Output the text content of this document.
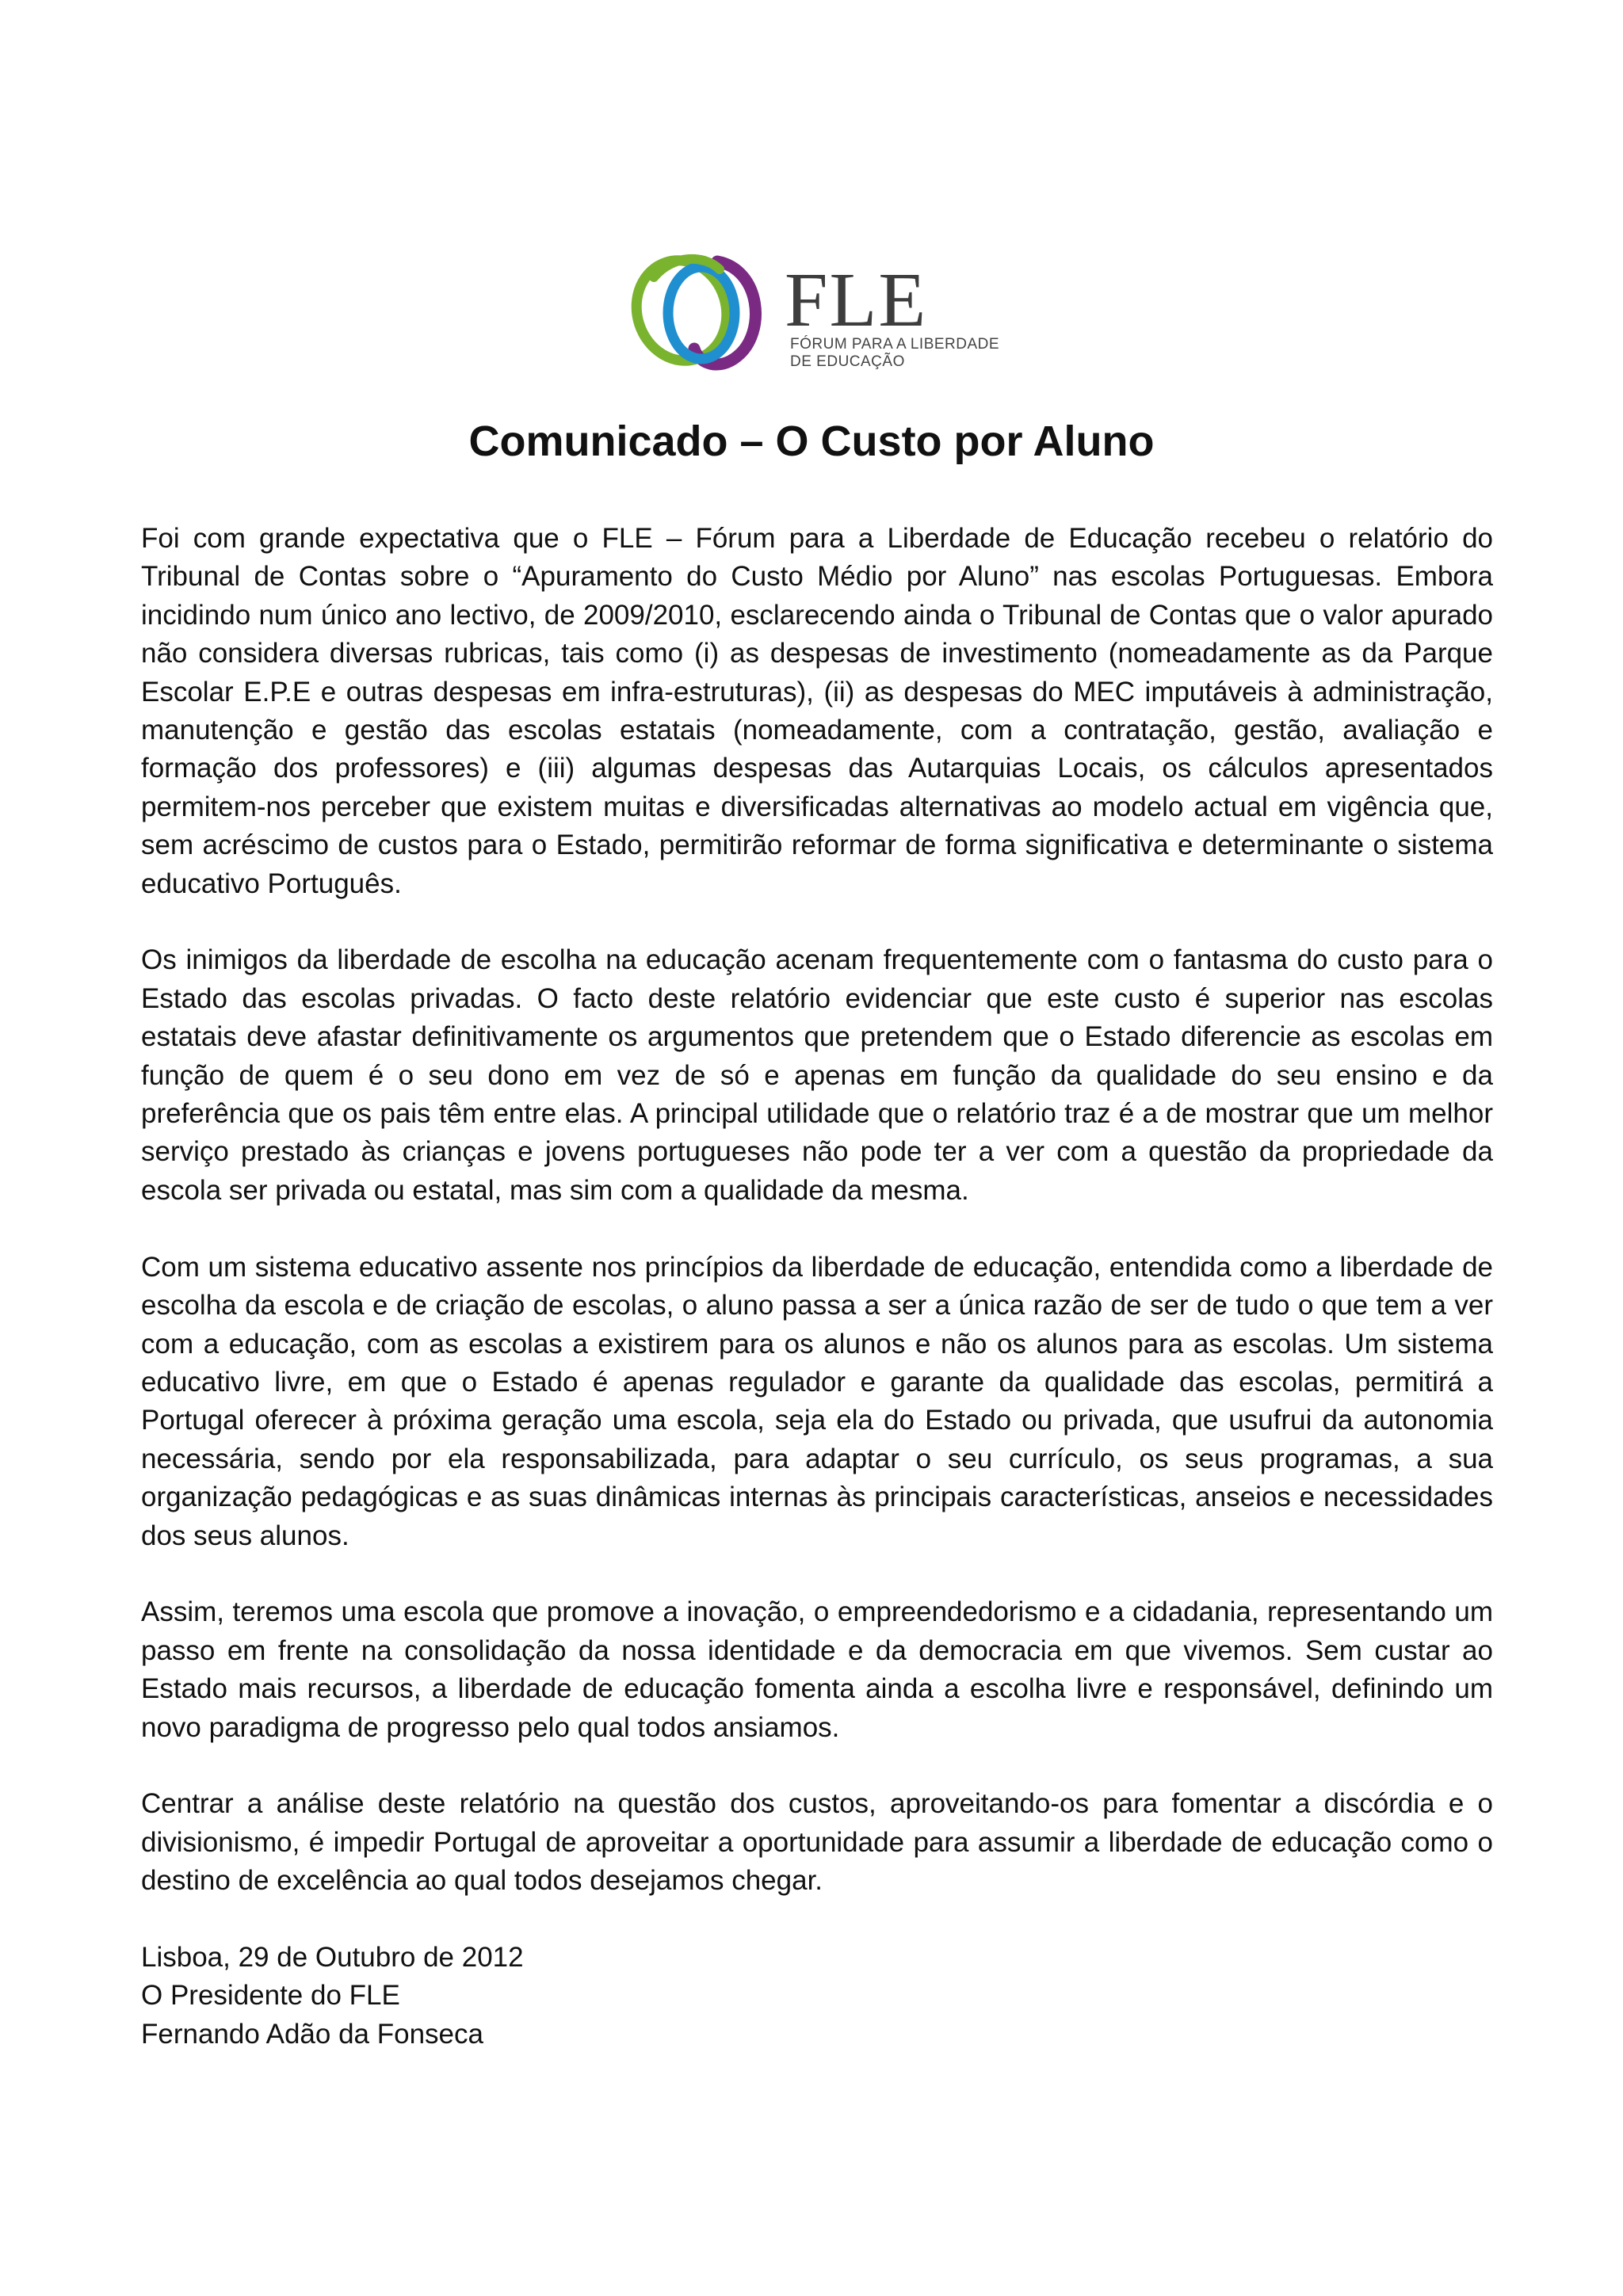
FLE
FÓRUM PARA A LIBERDADE
DE EDUCAÇÃO
Comunicado – O Custo por Aluno

Foi com grande expectativa que o FLE – Fórum para a Liberdade de Educação recebeu o relatório do Tribunal de Contas sobre o “Apuramento do Custo Médio por Aluno” nas escolas Portuguesas. Embora incidindo num único ano lectivo, de 2009/2010, esclarecendo ainda o Tribunal de Contas que o valor apurado não considera diversas rubricas, tais como (i) as despesas de investimento (nomeadamente as da Parque Escolar E.P.E e outras despesas em infra-estruturas), (ii) as despesas do MEC imputáveis à administração, manutenção e gestão das escolas estatais (nomeadamente, com a contratação, gestão, avaliação e formação dos professores) e (iii) algumas despesas das Autarquias Locais, os cálculos apresentados permitem-nos perceber que existem muitas e diversificadas alternativas ao modelo actual em vigência que, sem acréscimo de custos para o Estado, permitirão reformar de forma significativa e determinante o sistema educativo Português.

Os inimigos da liberdade de escolha na educação acenam frequentemente com o fantasma do custo para o Estado das escolas privadas. O facto deste relatório evidenciar que este custo é superior nas escolas estatais deve afastar definitivamente os argumentos que pretendem que o Estado diferencie as escolas em função de quem é o seu dono em vez de só e apenas em função da qualidade do seu ensino e da preferência que os pais têm entre elas. A principal utilidade que o relatório traz é a de mostrar que um melhor serviço prestado às crianças e jovens portugueses não pode ter a ver com a questão da propriedade da escola ser privada ou estatal, mas sim com a qualidade da mesma.

Com um sistema educativo assente nos princípios da liberdade de educação, entendida como a liberdade de escolha da escola e de criação de escolas, o aluno passa a ser a única razão de ser de tudo o que tem a ver com a educação, com as escolas a existirem para os alunos e não os alunos para as escolas. Um sistema educativo livre, em que o Estado é apenas regulador e garante da qualidade das escolas, permitirá a Portugal oferecer à próxima geração uma escola, seja ela do Estado ou privada, que usufrui da autonomia necessária, sendo por ela responsabilizada, para adaptar o seu currículo, os seus programas, a sua organização pedagógicas e as suas dinâmicas internas às principais características, anseios e necessidades dos seus alunos.

Assim, teremos uma escola que promove a inovação, o empreendedorismo e a cidadania, representando um passo em frente na consolidação da nossa identidade e da democracia em que vivemos. Sem custar ao Estado mais recursos, a liberdade de educação fomenta ainda a escolha livre e responsável, definindo um novo paradigma de progresso pelo qual todos ansiamos.

Centrar a análise deste relatório na questão dos custos, aproveitando-os para fomentar a discórdia e o divisionismo, é impedir Portugal de aproveitar a oportunidade para assumir a liberdade de educação como o destino de excelência ao qual todos desejamos chegar.

Lisboa, 29 de Outubro de 2012
O Presidente do FLE
Fernando Adão da Fonseca
